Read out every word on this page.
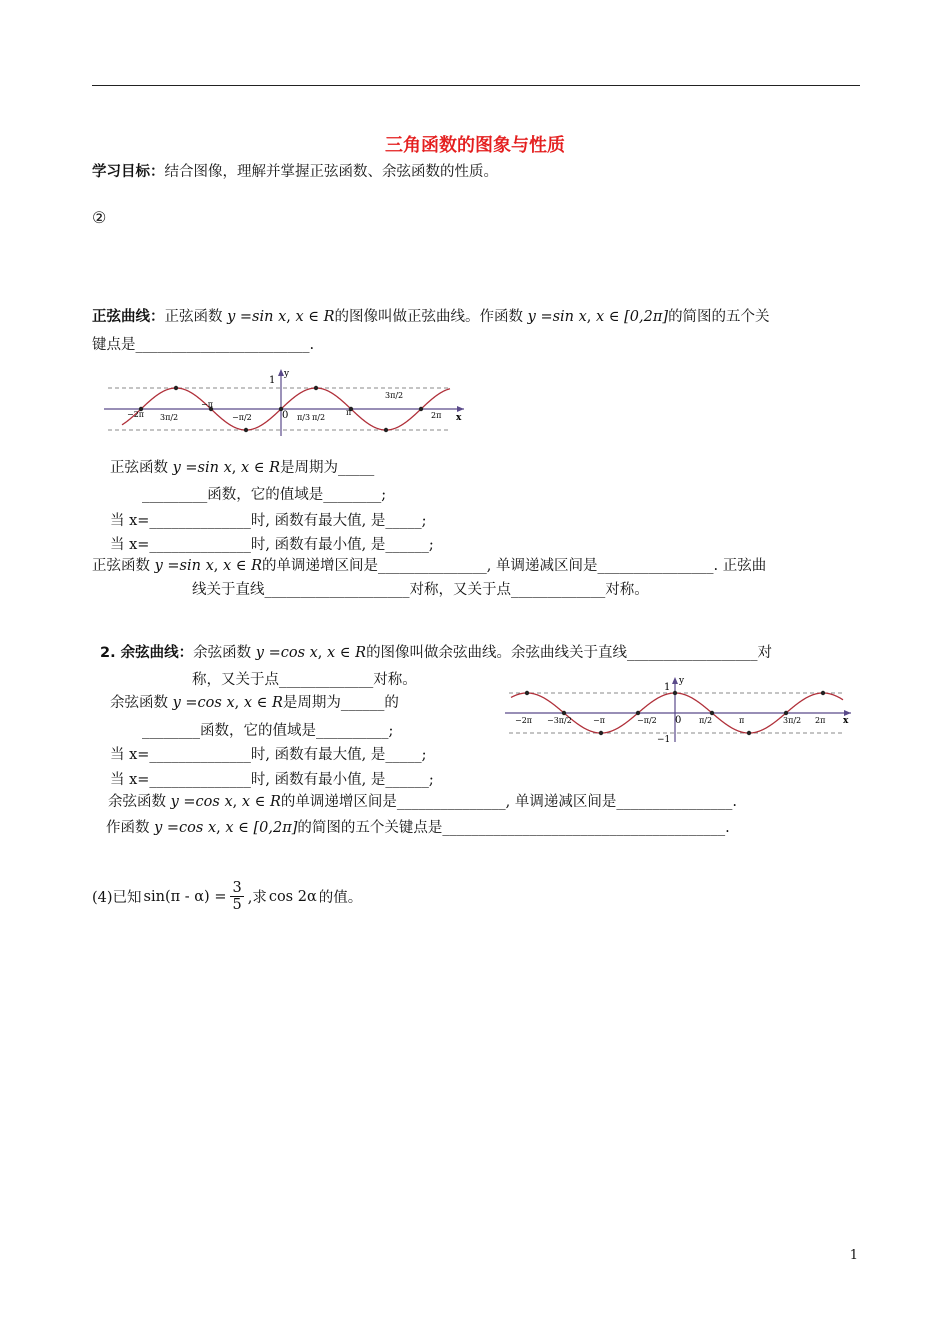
三角函数的图象与性质
学习目标：结合图像，理解并掌握正弦函数、余弦函数的性质。
②
正弦曲线：正弦函数 y =sin x, x ∈ R的图像叫做正弦曲线。作函数 y =sin x, x ∈ [0,2π]的简图的五个关
键点是________________________.
1
y
x
0
−2π 3π/2
−π
−π/2	π/3 π/2
π
3π/2
2π
正弦函数 y =sin x, x ∈ R是周期为_____
_________函数，它的值域是________;
当 x=______________时, 函数有最大值, 是_____;
当 x=______________时, 函数有最小值, 是______;
正弦函数 y =sin x, x ∈ R的单调递增区间是_______________, 单调递减区间是________________. 正弦曲
线关于直线____________________对称，又关于点_____________对称。
2. 余弦曲线：余弦函数 y =cos x, x ∈ R的图像叫做余弦曲线。余弦曲线关于直线__________________对
称，又关于点_____________对称。
余弦函数 y =cos x, x ∈ R是周期为______的
________函数，它的值域是__________;
当 x=______________时, 函数有最大值, 是_____;
当 x=______________时, 函数有最小值, 是______;
余弦函数 y =cos x, x ∈ R的单调递增区间是_______________, 单调递减区间是________________.
作函数 y =cos x, x ∈ [0,2π]的简图的五个关键点是_______________________________________.
1
y
−1
x
0
−2π −3π/2	−π	−π/2	π/2	π	3π/2 2π
(4)已知 $\sin(\pi - \alpha) = \frac{3}{5}$ ,求 cos 2α 的值。
1
